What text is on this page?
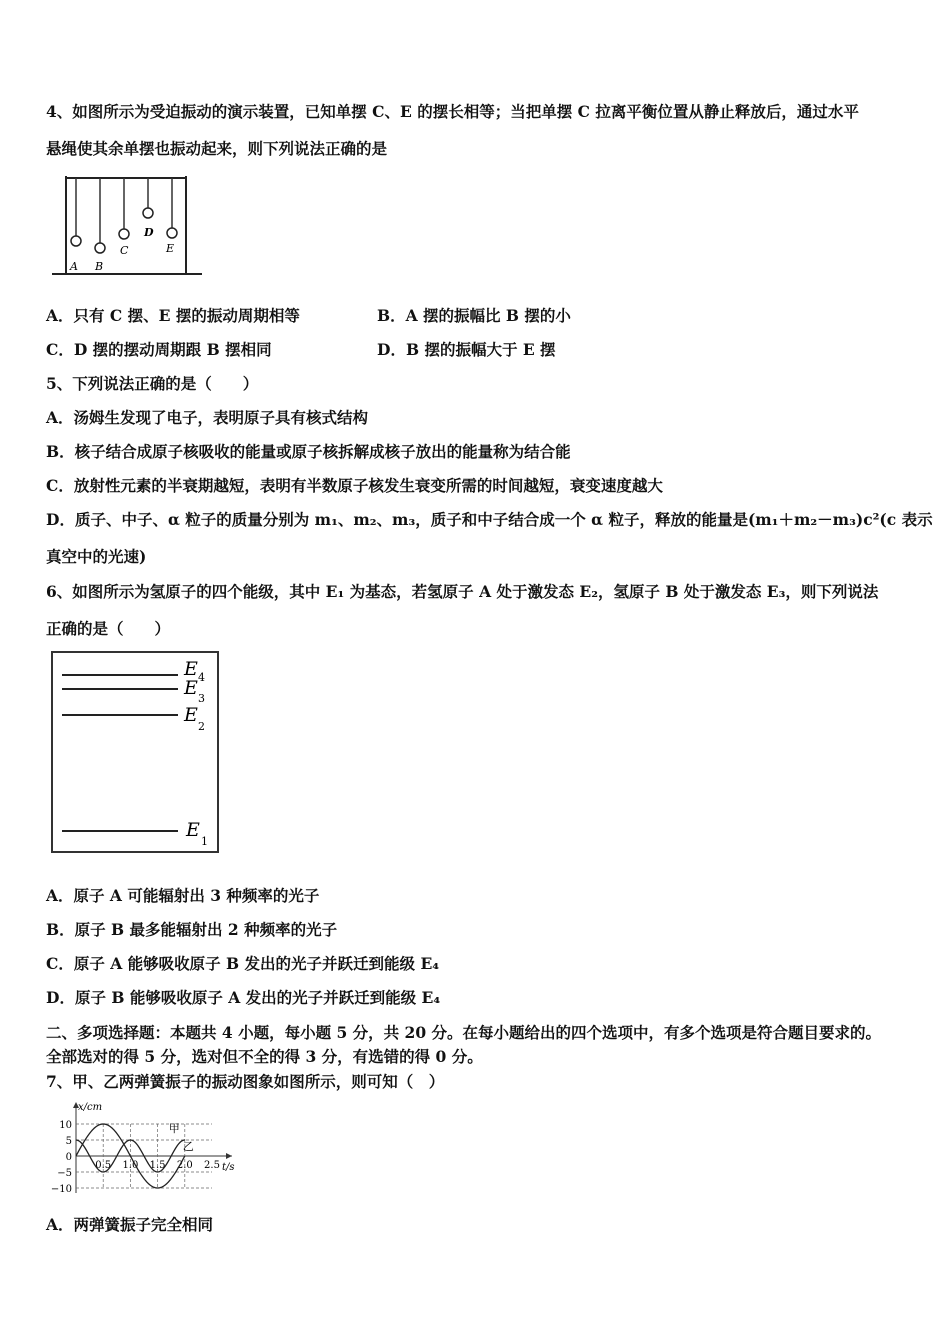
4、如图所示为受迫振动的演示装置，已知单摆 C、E 的摆长相等；当把单摆 C 拉离平衡位置从静止释放后，通过水平
悬绳使其余单摆也振动起来，则下列说法正确的是
A B
C
D
E
A．只有 C 摆、E 摆的振动周期相等	B．A 摆的振幅比 B 摆的小
C．D 摆的摆动周期跟 B 摆相同	D．B 摆的振幅大于 E 摆
5、下列说法正确的是（　　）
A．汤姆生发现了电子，表明原子具有核式结构
B．核子结合成原子核吸收的能量或原子核拆解成核子放出的能量称为结合能
C．放射性元素的半衰期越短，表明有半数原子核发生衰变所需的时间越短，衰变速度越大
D．质子、中子、α 粒子的质量分别为 m₁、m₂、m₃，质子和中子结合成一个 α 粒子，释放的能量是(m₁＋m₂－m₃)c²(c 表示
真空中的光速)
6、如图所示为氢原子的四个能级，其中 E₁ 为基态，若氢原子 A 处于激发态 E₂，氢原子 B 处于激发态 E₃，则下列说法
正确的是（　　）
E 4
E 3
E
2
E
1
A．原子 A 可能辐射出 3 种频率的光子
B．原子 B 最多能辐射出 2 种频率的光子
C．原子 A 能够吸收原子 B 发出的光子并跃迁到能级 E₄
D．原子 B 能够吸收原子 A 发出的光子并跃迁到能级 E₄
二、多项选择题：本题共 4 小题，每小题 5 分，共 20 分。在每小题给出的四个选项中，有多个选项是符合题目要求的。
全部选对的得 5 分，选对但不全的得 3 分，有选错的得 0 分。
7、甲、乙两弹簧振子的振动图象如图所示，则可知（　）
10
5
0
−5
−10
0.5 1.0 1.5 2.0 2.5
x/cm
t/s
甲
乙
A．两弹簧振子完全相同
